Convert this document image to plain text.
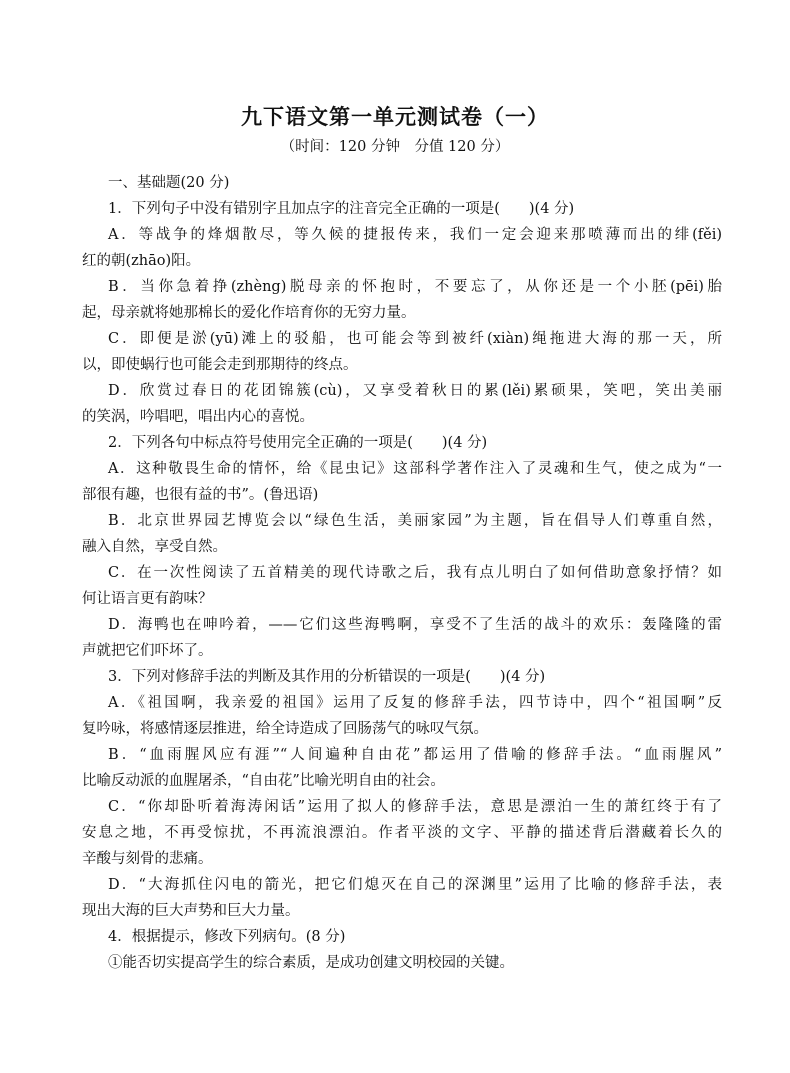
九下语文第一单元测试卷（一）
（时间：120 分钟　分值 120 分）
一、基础题(20 分)
1．下列句子中没有错别字且加点字的注音完全正确的一项是(　　)(4 分)
A．等战争的烽烟散尽，等久候的捷报传来，我们一定会迎来那喷薄而出的绯(fěi)
红的朝(zhāo)阳。
B．当你急着挣(zhèng)脱母亲的怀抱时，不要忘了，从你还是一个小胚(pēi)胎
起，母亲就将她那棉长的爱化作培育你的无穷力量。
C．即便是淤(yū)滩上的驳船，也可能会等到被纤(xiàn)绳拖进大海的那一天，所
以，即使蜗行也可能会走到那期待的终点。
D．欣赏过春日的花团锦簇(cù)，又享受着秋日的累(lěi)累硕果，笑吧，笑出美丽
的笑涡，吟唱吧，唱出内心的喜悦。
2．下列各句中标点符号使用完全正确的一项是(　　)(4 分)
A．这种敬畏生命的情怀，给《昆虫记》这部科学著作注入了灵魂和生气，使之成为“一
部很有趣，也很有益的书”。(鲁迅语)
B．北京世界园艺博览会以“绿色生活，美丽家园”为主题，旨在倡导人们尊重自然，
融入自然，享受自然。
C．在一次性阅读了五首精美的现代诗歌之后，我有点儿明白了如何借助意象抒情？如
何让语言更有韵味？
D．海鸭也在呻吟着，——它们这些海鸭啊，享受不了生活的战斗的欢乐：轰隆隆的雷
声就把它们吓坏了。
3．下列对修辞手法的判断及其作用的分析错误的一项是(　　)(4 分)
A．《祖国啊，我亲爱的祖国》运用了反复的修辞手法，四节诗中，四个“祖国啊”反
复吟咏，将感情逐层推进，给全诗造成了回肠荡气的咏叹气氛。
B．“血雨腥风应有涯”“人间遍种自由花”都运用了借喻的修辞手法。“血雨腥风”
比喻反动派的血腥屠杀，“自由花”比喻光明自由的社会。
C．“你却卧听着海涛闲话”运用了拟人的修辞手法，意思是漂泊一生的萧红终于有了
安息之地，不再受惊扰，不再流浪漂泊。作者平淡的文字、平静的描述背后潜藏着长久的
辛酸与刻骨的悲痛。
D．“大海抓住闪电的箭光，把它们熄灭在自己的深渊里”运用了比喻的修辞手法，表
现出大海的巨大声势和巨大力量。
4．根据提示，修改下列病句。(8 分)
①能否切实提高学生的综合素质，是成功创建文明校园的关键。
